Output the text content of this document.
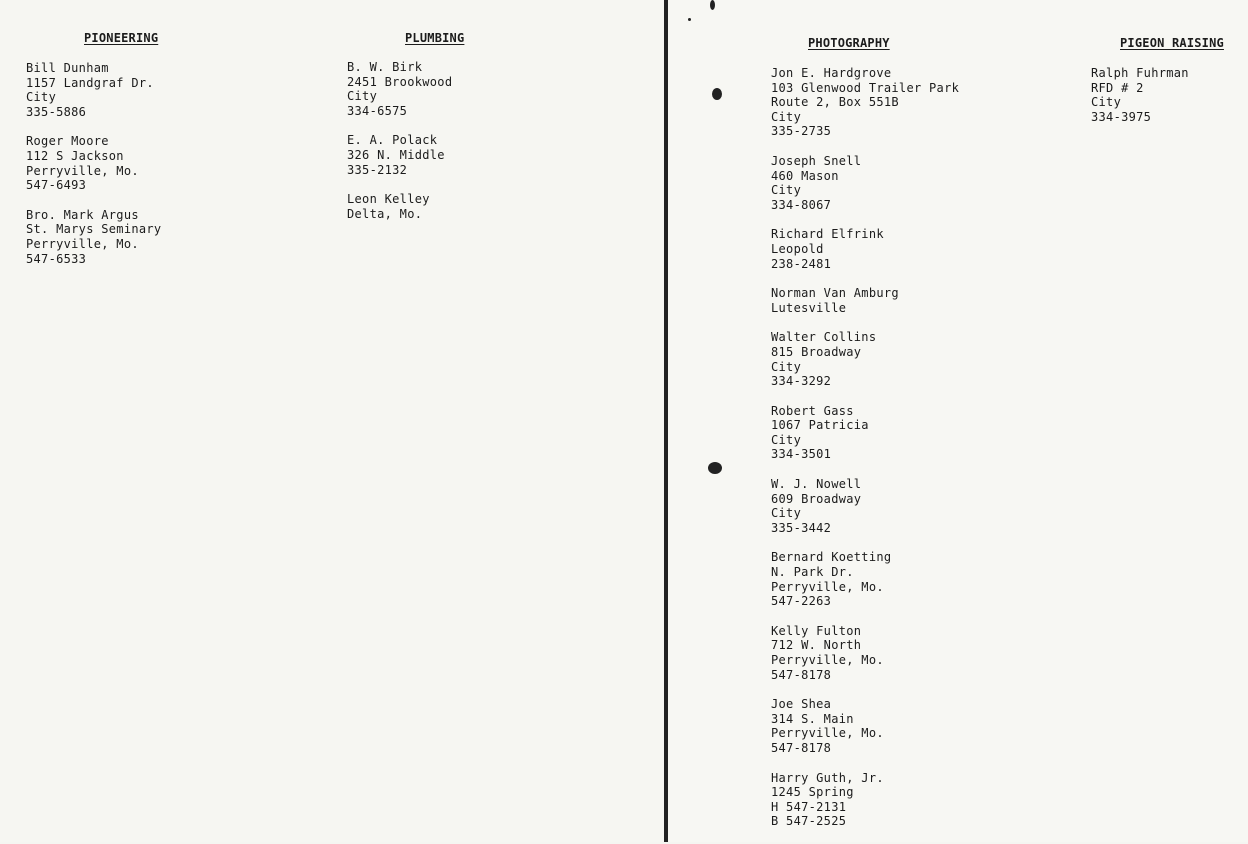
PIONEERING
Bill Dunham
1157 Landgraf Dr.
City
335-5886
Roger Moore
112 S Jackson
Perryville, Mo.
547-6493
Bro. Mark Argus
St. Marys Seminary
Perryville, Mo.
547-6533
PLUMBING
B. W. Birk
2451 Brookwood
City
334-6575
E. A. Polack
326 N. Middle
335-2132
Leon Kelley
Delta, Mo.
PHOTOGRAPHY
Jon E. Hardgrove
103 Glenwood Trailer Park
Route 2, Box 551B
City
335-2735
Joseph Snell
460 Mason
City
334-8067
Richard Elfrink
Leopold
238-2481
Norman Van Amburg
Lutesville
Walter Collins
815 Broadway
City
334-3292
Robert Gass
1067 Patricia
City
334-3501
W. J. Nowell
609 Broadway
City
335-3442
Bernard Koetting
N. Park Dr.
Perryville, Mo.
547-2263
Kelly Fulton
712 W. North
Perryville, Mo.
547-8178
Joe Shea
314 S. Main
Perryville, Mo.
547-8178
Harry Guth, Jr.
1245 Spring
H 547-2131
B 547-2525
PIGEON RAISING
Ralph Fuhrman
RFD # 2
City
334-3975
